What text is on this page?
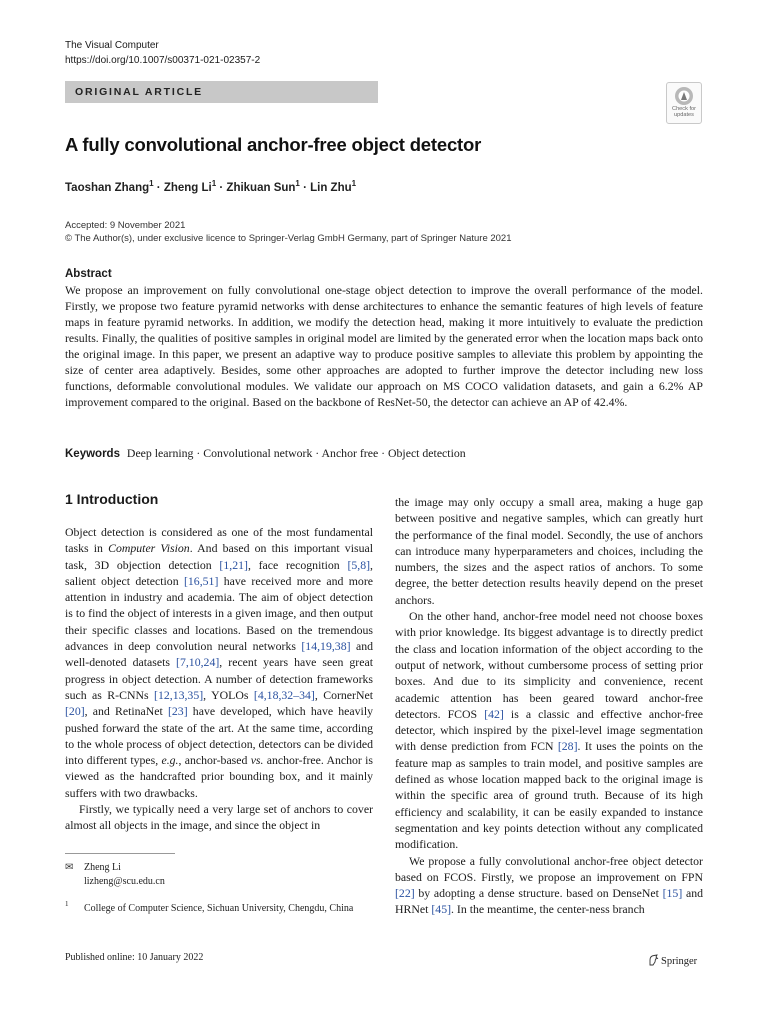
The Visual Computer
https://doi.org/10.1007/s00371-021-02357-2
ORIGINAL ARTICLE
Check for
updates
A fully convolutional anchor-free object detector
Taoshan Zhang$^1$ · Zheng $Li^1$ · Zhikuan Sun$^1$ · Lin Zhu$^1$
Accepted: 9 November 2021
© The Author(s), under exclusive licence to Springer-Verlag GmbH Germany, part of Springer Nature 2021
Abstract
We propose an improvement on fully convolutional one-stage object detection to improve the overall performance of the model. Firstly, we propose two feature pyramid networks with dense architectures to enhance the semantic features of high levels of feature maps in feature pyramid networks. In addition, we modify the detection head, making it more intuitively to evaluate the prediction results. Finally, the qualities of positive samples in original model are limited by the generated error when the location maps back onto the original image. In this paper, we present an adaptive way to produce positive samples to alleviate this problem by appointing the size of center area adaptively. Besides, some other approaches are adopted to further improve the detector including new loss functions, deformable convolutional modules. We validate our approach on MS COCO validation datasets, and gain a 6.2% AP improvement compared to the original. Based on the backbone of ResNet-50, the detector can achieve an AP of 42.4%.
Keywords Deep learning · Convolutional network · Anchor free · Object detection
1 Introduction

Object detection is considered as one of the most fundamental tasks in Computer Vision. And based on this important visual task, 3D objection detection [1,21], face recognition [5,8], salient object detection [16,51] have received more and more attention in industry and academia. The aim of object detection is to find the object of interests in a given image, and then output their specific classes and locations. Based on the tremendous advances in deep convolution neural networks [14,19,38] and well-denoted datasets [7,10,24], recent years have seen great progress in object detection. A number of detection frameworks such as R-CNNs [12,13,35], YOLOs [4,18,32–34], CornerNet [20], and RetinaNet [23] have developed, which have heavily pushed forward the state of the art. At the same time, according to the whole process of object detection, detectors can be divided into different types, e.g., anchor-based vs. anchor-free. Anchor is viewed as the handcrafted prior bounding box, and it mainly suffers with two drawbacks.

Firstly, we typically need a very large set of anchors to cover almost all objects in the image, and since the object in

the image may only occupy a small area, making a huge gap between positive and negative samples, which can greatly hurt the performance of the final model. Secondly, the use of anchors can introduce many hyperparameters and choices, including the numbers, the sizes and the aspect ratios of anchors. To some degree, the better detection results heavily depend on the preset anchors.

On the other hand, anchor-free model need not choose boxes with prior knowledge. Its biggest advantage is to directly predict the class and location information of the object according to the output of network, without cumbersome process of setting prior boxes. And due to its simplicity and convenience, recent academic attention has been geared toward anchor-free detectors. FCOS [42] is a classic and effective anchor-free detector, which inspired by the pixel-level image segmentation with dense prediction from FCN [28]. It uses the points on the feature map as samples to train model, and positive samples are defined as whose location mapped back to the original image is within the specific area of ground truth. Because of its high efficiency and scalability, it can be easily expanded to instance segmentation and key points detection without any complicated modification.

We propose a fully convolutional anchor-free object detector based on FCOS. Firstly, we propose an improvement on FPN [22] by adopting a dense structure. based on DenseNet [15] and HRNet [45]. In the meantime, the center-ness branch

✉ Zheng Li
lizheng@scu.edu.cn
1 College of Computer Science, Sichuan University, Chengdu, China
Published online: 10 January 2022	Springer
